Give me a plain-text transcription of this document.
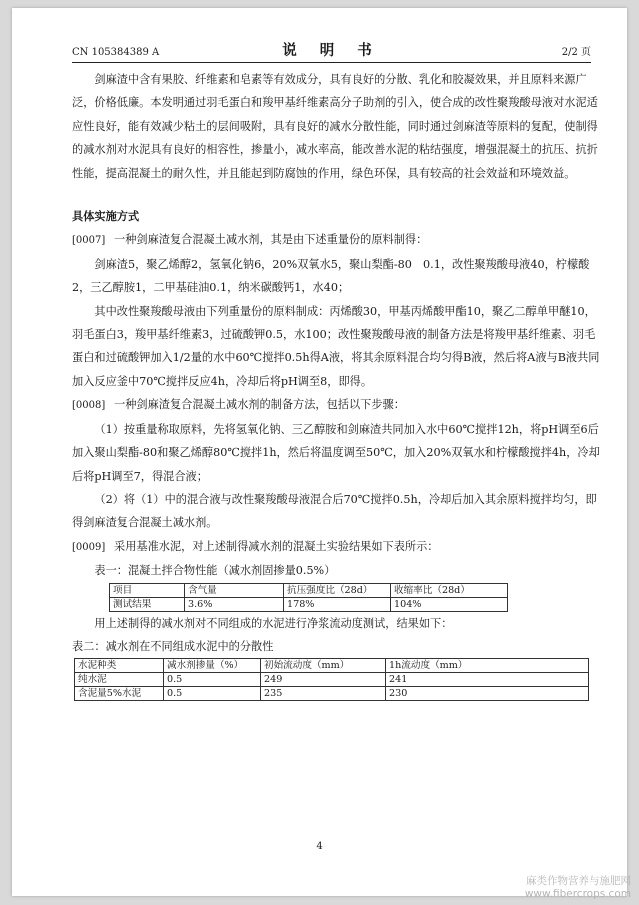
CN 105384389 A	说 明 书	2/2 页

剑麻渣中含有果胶、纤维素和皂素等有效成分，具有良好的分散、乳化和胶凝效果，并且原料来源广泛，价格低廉。本发明通过羽毛蛋白和羧甲基纤维素高分子助剂的引入，使合成的改性聚羧酸母液对水泥适应性良好，能有效减少粘土的层间吸附，具有良好的减水分散性能，同时通过剑麻渣等原料的复配，使制得的减水剂对水泥具有良好的相容性，掺量小，减水率高，能改善水泥的粘结强度，增强混凝土的抗压、抗折性能，提高混凝土的耐久性，并且能起到防腐蚀的作用，绿色环保，具有较高的社会效益和环境效益。

具体实施方式

[0007] 一种剑麻渣复合混凝土减水剂，其是由下述重量份的原料制得：

剑麻渣5，聚乙烯醇2，氢氧化钠6，20%双氧水5，聚山梨酯-80　0.1，改性聚羧酸母液40，柠檬酸2，三乙醇胺1，二甲基硅油0.1，纳米碳酸钙1，水40；

其中改性聚羧酸母液由下列重量份的原料制成：丙烯酸30，甲基丙烯酸甲酯10，聚乙二醇单甲醚10，羽毛蛋白3，羧甲基纤维素3，过硫酸钾0.5，水100；改性聚羧酸母液的制备方法是将羧甲基纤维素、羽毛蛋白和过硫酸钾加入1/2量的水中60℃搅拌0.5h得A液，将其余原料混合均匀得B液，然后将A液与B液共同加入反应釜中70℃搅拌反应4h，冷却后将pH调至8，即得。

[0008] 一种剑麻渣复合混凝土减水剂的制备方法，包括以下步骤：

（1）按重量称取原料，先将氢氧化钠、三乙醇胺和剑麻渣共同加入水中60℃搅拌12h，将pH调至6后加入聚山梨酯-80和聚乙烯醇80℃搅拌1h，然后将温度调至50℃，加入20%双氧水和柠檬酸搅拌4h，冷却后将pH调至7，得混合液；

（2）将（1）中的混合液与改性聚羧酸母液混合后70℃搅拌0.5h，冷却后加入其余原料搅拌均匀，即得剑麻渣复合混凝土减水剂。

[0009] 采用基准水泥，对上述制得减水剂的混凝土实验结果如下表所示：

表一：混凝土拌合物性能（减水剂固掺量0.5%）

项目	含气量	抗压强度比（28d）	收缩率比（28d）
测试结果	3.6%	178%	104%

用上述制得的减水剂对不同组成的水泥进行净浆流动度测试，结果如下：

表二：减水剂在不同组成水泥中的分散性

水泥种类	减水剂掺量（%）	初始流动度（mm）	1h流动度（mm）
纯水泥	0.5	249	241
含泥量5%水泥	0.5	235	230
4
麻类作物营养与施肥网
www.fibercrops.com
